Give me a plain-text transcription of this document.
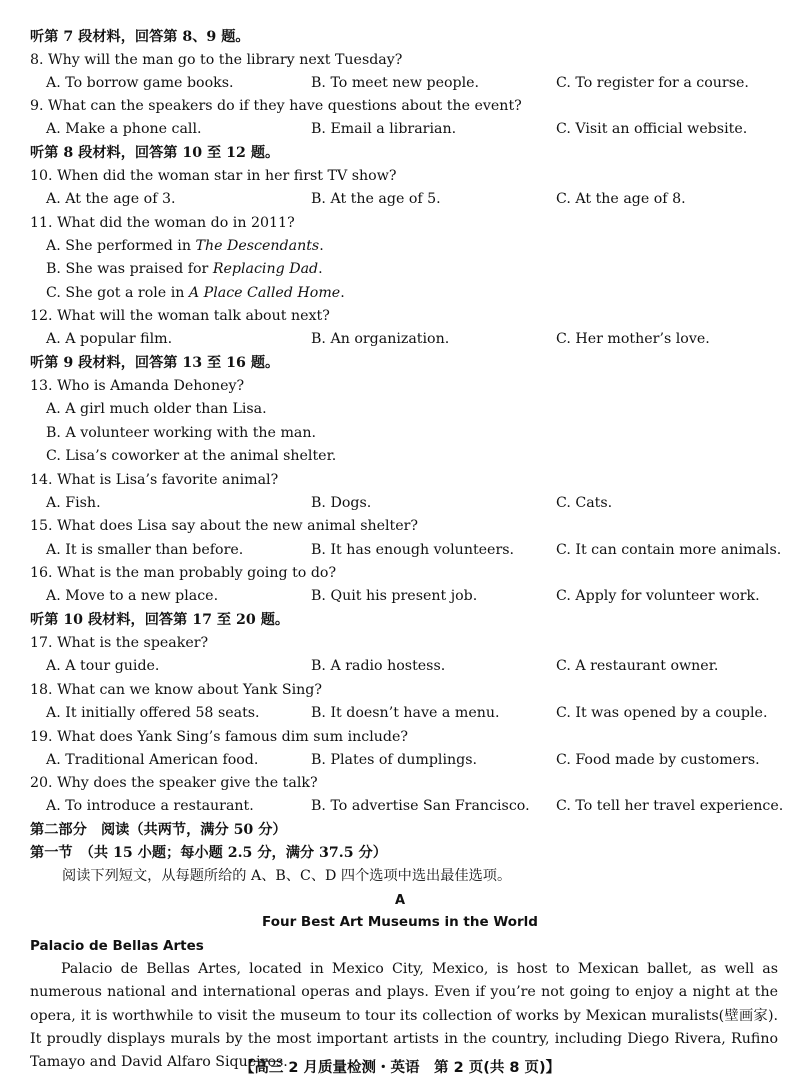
听第 7 段材料，回答第 8、9 题。
8. Why will the man go to the library next Tuesday?
A. To borrow game books.	B. To meet new people.	C. To register for a course.
9. What can the speakers do if they have questions about the event?
A. Make a phone call.	B. Email a librarian.	C. Visit an official website.
听第 8 段材料，回答第 10 至 12 题。
10. When did the woman star in her first TV show?
A. At the age of 3.	B. At the age of 5.	C. At the age of 8.
11. What did the woman do in 2011?
A. She performed in The Descendants.
B. She was praised for Replacing Dad.
C. She got a role in A Place Called Home.
12. What will the woman talk about next?
A. A popular film.	B. An organization.	C. Her mother’s love.
听第 9 段材料，回答第 13 至 16 题。
13. Who is Amanda Dehoney?
A. A girl much older than Lisa.
B. A volunteer working with the man.
C. Lisa’s coworker at the animal shelter.
14. What is Lisa’s favorite animal?
A. Fish.	B. Dogs.	C. Cats.
15. What does Lisa say about the new animal shelter?
A. It is smaller than before.	B. It has enough volunteers.	C. It can contain more animals.
16. What is the man probably going to do?
A. Move to a new place.	B. Quit his present job.	C. Apply for volunteer work.
听第 10 段材料，回答第 17 至 20 题。
17. What is the speaker?
A. A tour guide.	B. A radio hostess.	C. A restaurant owner.
18. What can we know about Yank Sing?
A. It initially offered 58 seats.	B. It doesn’t have a menu.	C. It was opened by a couple.
19. What does Yank Sing’s famous dim sum include?
A. Traditional American food.	B. Plates of dumplings.	C. Food made by customers.
20. Why does the speaker give the talk?
A. To introduce a restaurant.	B. To advertise San Francisco. C. To tell her travel experience.
第二部分　阅读（共两节，满分 50 分）
第一节　（共 15 小题；每小题 2.5 分，满分 37.5 分）
阅读下列短文，从每题所给的 A、B、C、D 四个选项中选出最佳选项。
A
Four Best Art Museums in the World
Palacio de Bellas Artes
Palacio de Bellas Artes, located in Mexico City, Mexico, is host to Mexican ballet, as well as numerous national and international operas and plays. Even if you’re not going to enjoy a night at the opera, it is worthwhile to visit the museum to tour its collection of works by Mexican muralists(壁画家). It proudly displays murals by the most important artists in the country, including Diego Rivera, Rufino Tamayo and David Alfaro Siqueiros.
【高三 2 月质量检测・英语　第 2 页(共 8 页)】
